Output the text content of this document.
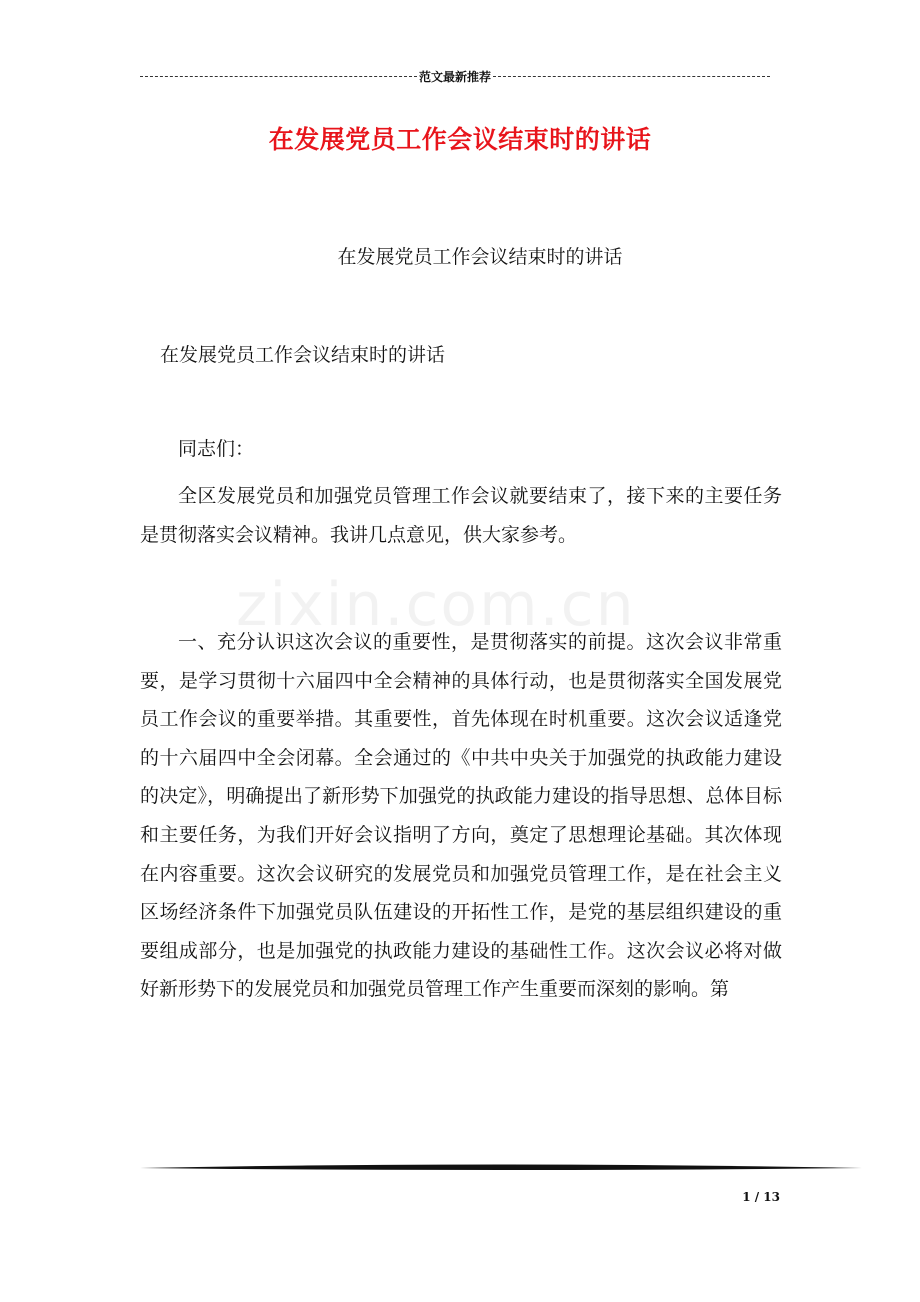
范文最新推荐
在发展党员工作会议结束时的讲话
在发展党员工作会议结束时的讲话
在发展党员工作会议结束时的讲话
zixin.com.cn

同志们：

全区发展党员和加强党员管理工作会议就要结束了，接下来的主要任务是贯彻落实会议精神。我讲几点意见，供大家参考。

一、充分认识这次会议的重要性，是贯彻落实的前提。这次会议非常重要，是学习贯彻十六届四中全会精神的具体行动，也是贯彻落实全国发展党员工作会议的重要举措。其重要性，首先体现在时机重要。这次会议适逢党的十六届四中全会闭幕。全会通过的《中共中央关于加强党的执政能力建设的决定》，明确提出了新形势下加强党的执政能力建设的指导思想、总体目标和主要任务，为我们开好会议指明了方向，奠定了思想理论基础。其次体现在内容重要。这次会议研究的发展党员和加强党员管理工作，是在社会主义区场经济条件下加强党员队伍建设的开拓性工作，是党的基层组织建设的重要组成部分，也是加强党的执政能力建设的基础性工作。这次会议必将对做好新形势下的发展党员和加强党员管理工作产生重要而深刻的影响。第

1 / 13
